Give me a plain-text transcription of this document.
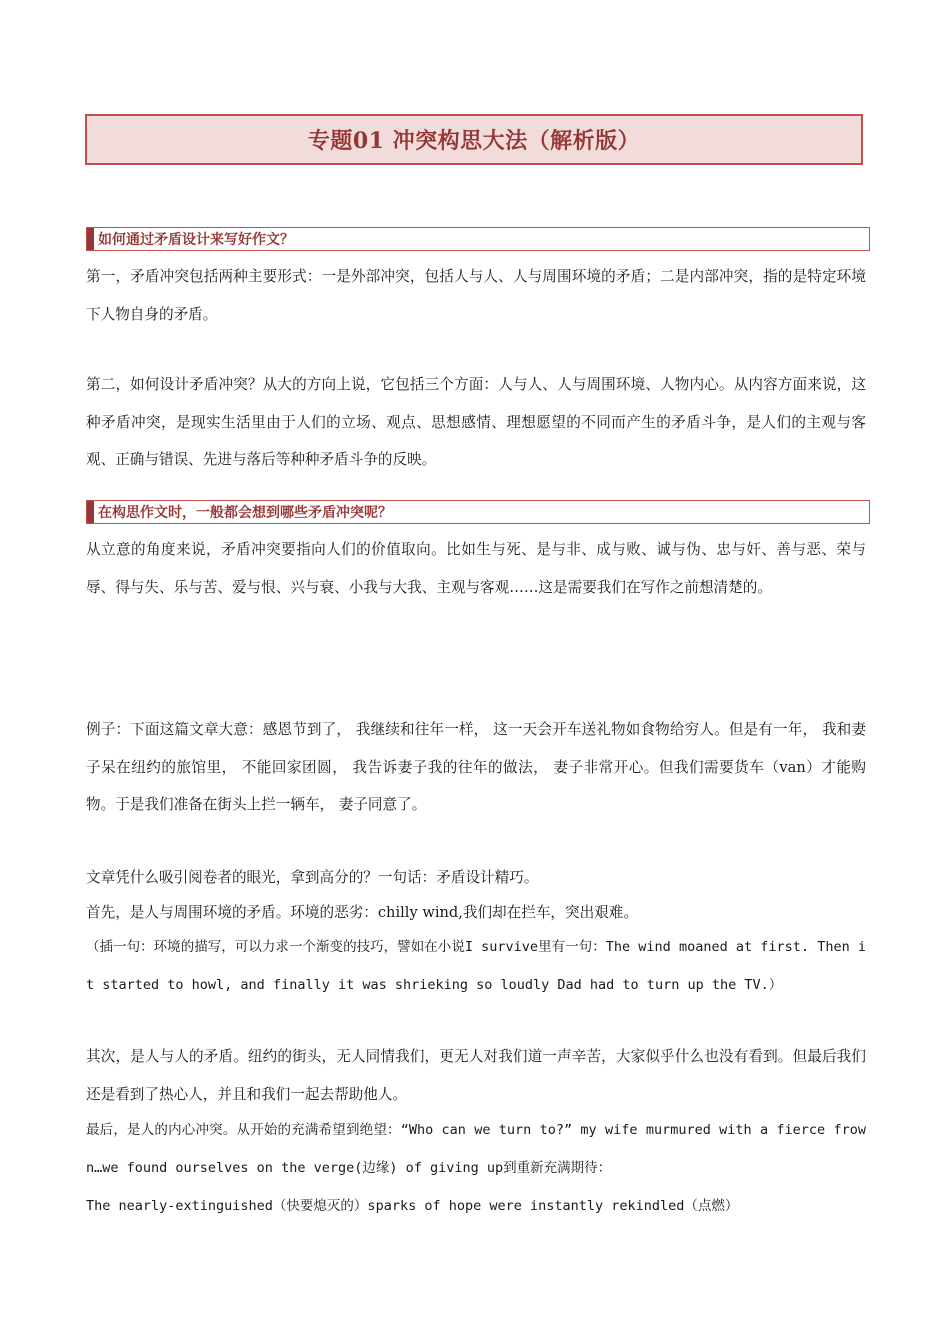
专题01 冲突构思大法（解析版）
如何通过矛盾设计来写好作文？

第一，矛盾冲突包括两种主要形式：一是外部冲突，包括人与人、人与周围环境的矛盾；二是内部冲突，指的是特定环境下人物自身的矛盾。

第二，如何设计矛盾冲突？从大的方向上说，它包括三个方面：人与人、人与周围环境、人物内心。从内容方面来说，这种矛盾冲突，是现实生活里由于人们的立场、观点、思想感情、理想愿望的不同而产生的矛盾斗争，是人们的主观与客观、正确与错误、先进与落后等种种矛盾斗争的反映。

在构思作文时，一般都会想到哪些矛盾冲突呢？

从立意的角度来说，矛盾冲突要指向人们的价值取向。比如生与死、是与非、成与败、诚与伪、忠与奸、善与恶、荣与辱、得与失、乐与苦、爱与恨、兴与衰、小我与大我、主观与客观……这是需要我们在写作之前想清楚的。

例子：下面这篇文章大意：感恩节到了， 我继续和往年一样， 这一天会开车送礼物如食物给穷人。但是有一年， 我和妻子呆在纽约的旅馆里， 不能回家团圆， 我告诉妻子我的往年的做法， 妻子非常开心。但我们需要货车（van）才能购物。于是我们准备在街头上拦一辆车， 妻子同意了。

文章凭什么吸引阅卷者的眼光，拿到高分的？一句话：矛盾设计精巧。

首先，是人与周围环境的矛盾。环境的恶劣：chilly wind,我们却在拦车，突出艰难。

（插一句：环境的描写，可以力求一个渐变的技巧，譬如在小说I survive里有一句：The wind moaned at first. Then it started to howl, and finally it was shrieking so loudly Dad had to turn up the TV.）

其次，是人与人的矛盾。纽约的街头，无人同情我们，更无人对我们道一声辛苦，大家似乎什么也没有看到。但最后我们还是看到了热心人，并且和我们一起去帮助他人。

最后，是人的内心冲突。从开始的充满希望到绝望：“Who can we turn to?” my wife murmured with a fierce frown…we found ourselves on the verge(边缘) of giving up到重新充满期待：

The nearly-extinguished（快要熄灭的）sparks of hope were instantly rekindled（点燃）
